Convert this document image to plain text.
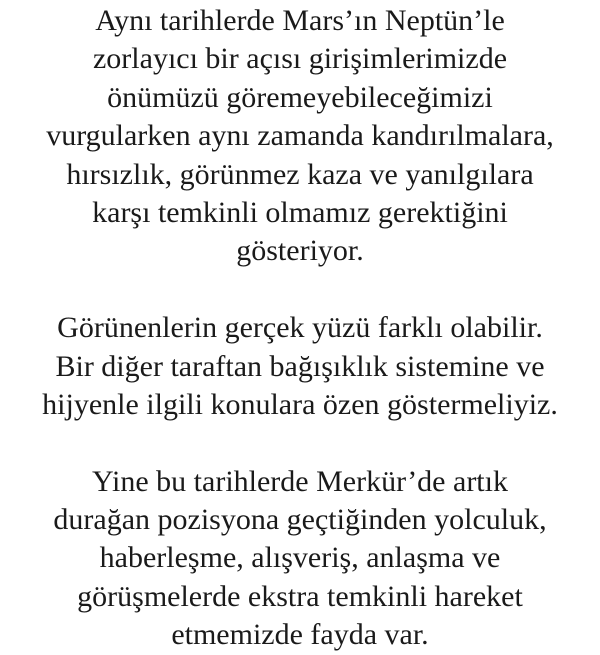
Aynı tarihlerde Mars’ın Neptün’le
zorlayıcı bir açısı girişimlerimizde
önümüzü göremeyebileceğimizi
vurgularken aynı zamanda kandırılmalara,
hırsızlık, görünmez kaza ve yanılgılara
karşı temkinli olmamız gerektiğini
gösteriyor.

Görünenlerin gerçek yüzü farklı olabilir.
Bir diğer taraftan bağışıklık sistemine ve
hijyenle ilgili konulara özen göstermeliyiz.

Yine bu tarihlerde Merkür’de artık
durağan pozisyona geçtiğinden yolculuk,
haberleşme, alışveriş, anlaşma ve
görüşmelerde ekstra temkinli hareket
etmemizde fayda var.
